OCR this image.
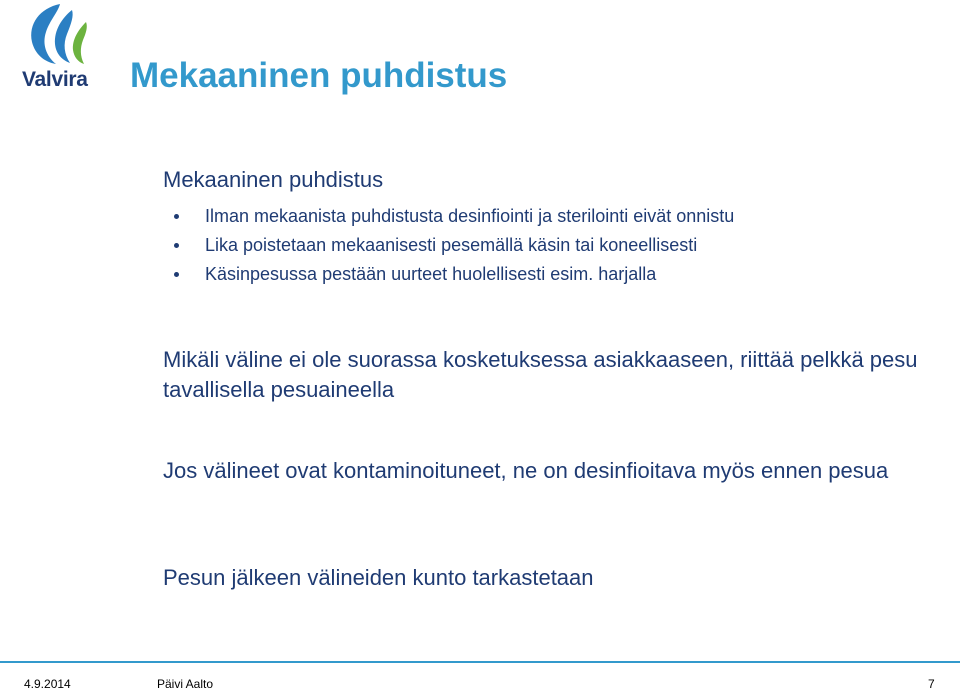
Valvira Mekaaninen puhdistus
Mekaaninen puhdistus
Ilman mekaanista puhdistusta desinfiointi ja sterilointi eivät onnistu
Lika poistetaan mekaanisesti pesemällä käsin tai koneellisesti
Käsinpesussa pestään uurteet huolellisesti esim. harjalla

Mikäli väline ei ole suorassa kosketuksessa asiakkaaseen, riittää pelkkä pesu tavallisella pesuaineella

Jos välineet ovat kontaminoituneet, ne on desinfioitava myös ennen pesua

Pesun jälkeen välineiden kunto tarkastetaan

4.9.2014	Päivi Aalto	7
